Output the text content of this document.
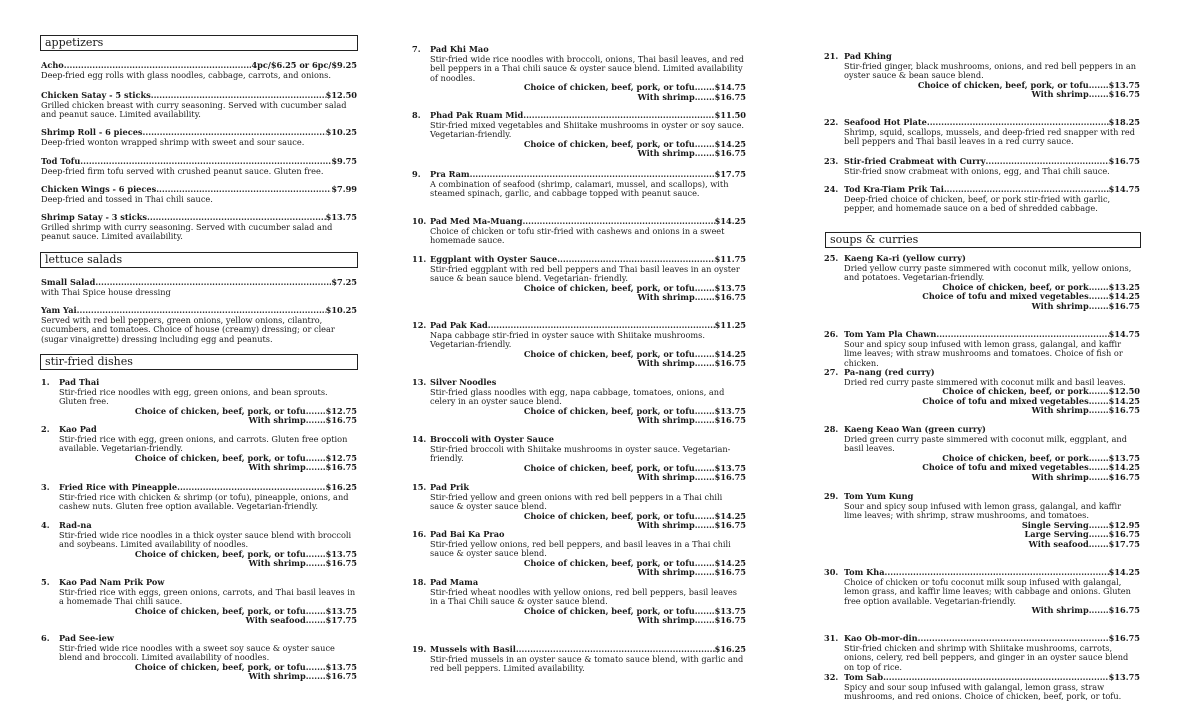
appetizers
Acho .....	4pc/$6.25 or 6pc/$9.25
Deep-fried egg rolls with glass noodles, cabbage, carrots, and onions.
Chicken Satay - 5 sticks .....	$12.50
Grilled chicken breast with curry seasoning. Served with cucumber salad and peanut sauce. Limited availability.
Shrimp Roll - 6 pieces .....	$10.25
Deep-fried wonton wrapped shrimp with sweet and sour sauce.
Tod Tofu .....	$9.75
Deep-fried firm tofu served with crushed peanut sauce. Gluten free.
Chicken Wings - 6 pieces .....	$7.99
Deep-fried and tossed in Thai chili sauce.
Shrimp Satay - 3 sticks .....	$13.75
Grilled shrimp with curry seasoning. Served with cucumber salad and peanut sauce. Limited availability.
lettuce salads
Small Salad .....	$7.25
with Thai Spice house dressing
Yam Yai .....	$10.25
Served with red bell peppers, green onions, yellow onions, cilantro, cucumbers, and tomatoes. Choice of house (creamy) dressing; or clear (sugar vinaigrette) dressing including egg and peanuts.
stir-fried dishes
1. Pad Thai
Stir-fried rice noodles with egg, green onions, and bean sprouts. Gluten free.
Choice of chicken, beef, pork, or tofu.......$12.75
With shrimp.......$16.75
2. Kao Pad
Stir-fried rice with egg, green onions, and carrots. Gluten free option available. Vegetarian-friendly.
Choice of chicken, beef, pork, or tofu.......$12.75
With shrimp.......$16.75
3. Fried Rice with Pineapple .....	$16.25
Stir-fried rice with chicken & shrimp (or tofu), pineapple, onions, and cashew nuts. Gluten free option available. Vegetarian-friendly.
4. Rad-na
Stir-fried wide rice noodles in a thick oyster sauce blend with broccoli and soybeans. Limited availability of noodles.
Choice of chicken, beef, pork, or tofu.......$13.75
With shrimp.......$16.75
5. Kao Pad Nam Prik Pow
Stir-fried rice with eggs, green onions, carrots, and Thai basil leaves in a homemade Thai chili sauce.
Choice of chicken, beef, pork, or tofu.......$13.75
With seafood.......$17.75
6. Pad See-iew
Stir-fried wide rice noodles with a sweet soy sauce & oyster sauce blend and broccoli. Limited availability of noodles.
Choice of chicken, beef, pork, or tofu.......$13.75
With shrimp.......$16.75
7. Pad Khi Mao
Stir-fried wide rice noodles with broccoli, onions, Thai basil leaves, and red bell peppers in a Thai chili sauce & oyster sauce blend. Limited availability of noodles.
Choice of chicken, beef, pork, or tofu.......$14.75
With shrimp.......$16.75
8. Phad Pak Ruam Mid .....	$11.50
Stir-fried mixed vegetables and Shiitake mushrooms in oyster or soy sauce. Vegetarian-friendly.
Choice of chicken, beef, pork, or tofu.......$14.25
With shrimp.......$16.75
9. Pra Ram .....	$17.75
A combination of seafood (shrimp, calamari, mussel, and scallops), with steamed spinach, garlic, and cabbage topped with peanut sauce.
10. Pad Med Ma-Muang .....	$14.25
Choice of chicken or tofu stir-fried with cashews and onions in a sweet homemade sauce.
11. Eggplant with Oyster Sauce .....	$11.75
Stir-fried eggplant with red bell peppers and Thai basil leaves in an oyster sauce & bean sauce blend. Vegetarian- friendly.
Choice of chicken, beef, pork, or tofu.......$13.75
With shrimp.......$16.75
12. Pad Pak Kad .....	$11.25
Napa cabbage stir-fried in oyster sauce with Shiitake mushrooms. Vegetarian-friendly.
Choice of chicken, beef, pork, or tofu.......$14.25
With shrimp.......$16.75
13. Silver Noodles
Stir-fried glass noodles with egg, napa cabbage, tomatoes, onions, and celery in an oyster sauce blend.
Choice of chicken, beef, pork, or tofu.......$13.75
With shrimp.......$16.75
14. Broccoli with Oyster Sauce
Stir-fried broccoli with Shiitake mushrooms in oyster sauce. Vegetarian-friendly.
Choice of chicken, beef, pork, or tofu.......$13.75
With shrimp.......$16.75
15. Pad Prik
Stir-fried yellow and green onions with red bell peppers in a Thai chili sauce & oyster sauce blend.
Choice of chicken, beef, pork, or tofu.......$14.25
With shrimp.......$16.75
16. Pad Bai Ka Prao
Stir-fried yellow onions, red bell peppers, and basil leaves in a Thai chili sauce & oyster sauce blend.
Choice of chicken, beef, pork, or tofu.......$14.25
With shrimp.......$16.75
18. Pad Mama
Stir-fried wheat noodles with yellow onions, red bell peppers, basil leaves in a Thai Chili sauce & oyster sauce blend.
Choice of chicken, beef, pork, or tofu.......$13.75
With shrimp.......$16.75
19. Mussels with Basil .....	$16.25
Stir-fried mussels in an oyster sauce & tomato sauce blend, with garlic and red bell peppers. Limited availability.
21. Pad Khing
Stir-fried ginger, black mushrooms, onions, and red bell peppers in an oyster sauce & bean sauce blend.
Choice of chicken, beef, pork, or tofu.......$13.75
With shrimp.......$16.75
22. Seafood Hot Plate .....	$18.25
Shrimp, squid, scallops, mussels, and deep-fried red snapper with red bell peppers and Thai basil leaves in a red curry sauce.
23. Stir-fried Crabmeat with Curry .....	$16.75
Stir-fried snow crabmeat with onions, egg, and Thai chili sauce.
24. Tod Kra-Tiam Prik Tai .....	$14.75
Deep-fried choice of chicken, beef, or pork stir-fried with garlic, pepper, and homemade sauce on a bed of shredded cabbage.
soups & curries
25. Kaeng Ka-ri (yellow curry)
Dried yellow curry paste simmered with coconut milk, yellow onions, and potatoes. Vegetarian-friendly.
Choice of chicken, beef, or pork.......$13.25
Choice of tofu and mixed vegetables.......$14.25
With shrimp.......$16.75
26. Tom Yam Pla Chawn .....	$14.75
Sour and spicy soup infused with lemon grass, galangal, and kaffir lime leaves; with straw mushrooms and tomatoes. Choice of fish or chicken.
27. Pa-nang (red curry)
Dried red curry paste simmered with coconut milk and basil leaves.
Choice of chicken, beef, or pork.......$12.50
Choice of tofu and mixed vegetables.......$14.25
With shrimp.......$16.75
28. Kaeng Keao Wan (green curry)
Dried green curry paste simmered with coconut milk, eggplant, and basil leaves.
Choice of chicken, beef, or pork.......$13.75
Choice of tofu and mixed vegetables.......$14.25
With shrimp.......$16.75
29. Tom Yum Kung
Sour and spicy soup infused with lemon grass, galangal, and kaffir lime leaves; with shrimp, straw mushrooms, and tomatoes.
Single Serving.......$12.95
Large Serving.......$16.75
With seafood.......$17.75
30. Tom Kha .....	$14.25
Choice of chicken or tofu coconut milk soup infused with galangal, lemon grass, and kaffir lime leaves; with cabbage and onions. Gluten free option available. Vegetarian-friendly.
With shrimp.......$16.75
31. Kao Ob-mor-din .....	$16.75
Stir-fried chicken and shrimp with Shiitake mushrooms, carrots, onions, celery, red bell peppers, and ginger in an oyster sauce blend on top of rice.
32. Tom Sab .....	$13.75
Spicy and sour soup infused with galangal, lemon grass, straw mushrooms, and red onions. Choice of chicken, beef, pork, or tofu.
